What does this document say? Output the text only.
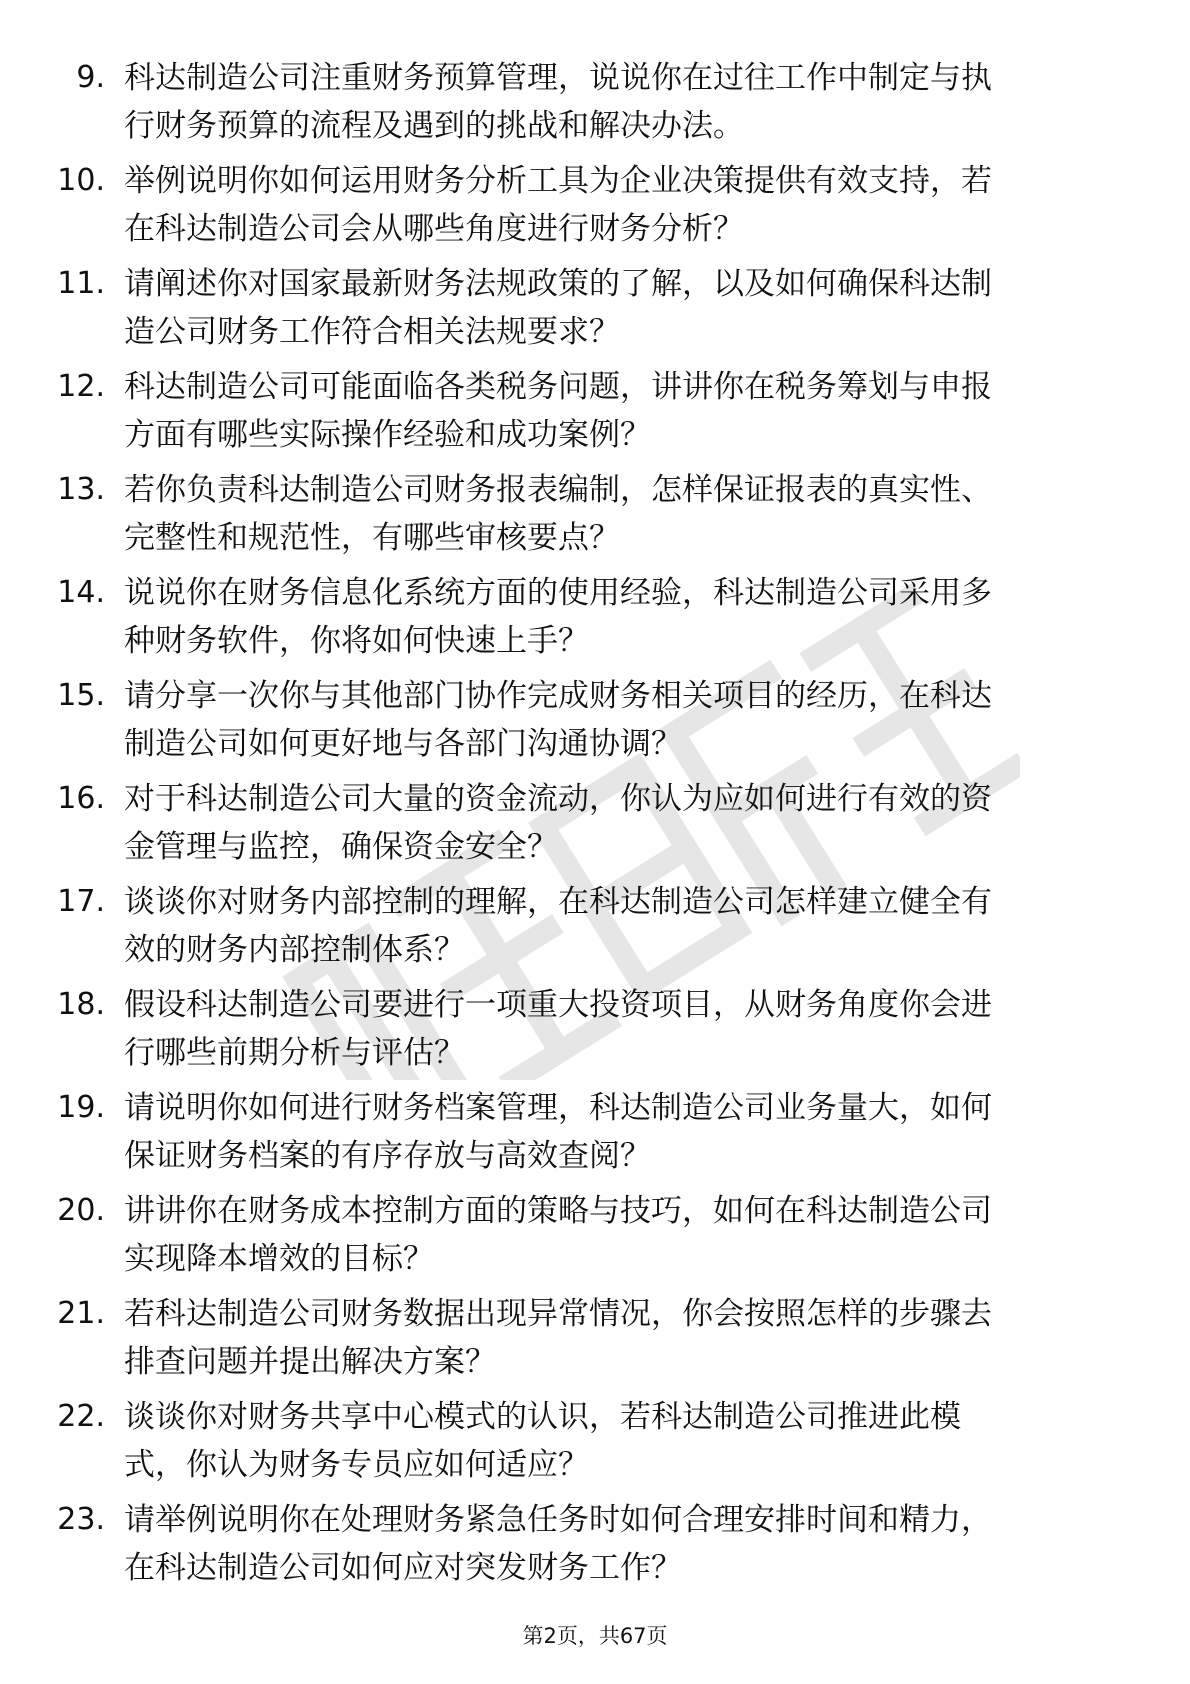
9. 科达制造公司注重财务预算管理，说说你在过往工作中制定与执
行财务预算的流程及遇到的挑战和解决办法。
10. 举例说明你如何运用财务分析工具为企业决策提供有效支持，若
在科达制造公司会从哪些角度进行财务分析？
11. 请阐述你对国家最新财务法规政策的了解，以及如何确保科达制
造公司财务工作符合相关法规要求？
12. 科达制造公司可能面临各类税务问题，讲讲你在税务筹划与申报
方面有哪些实际操作经验和成功案例？
13. 若你负责科达制造公司财务报表编制，怎样保证报表的真实性、
完整性和规范性，有哪些审核要点？
14. 说说你在财务信息化系统方面的使用经验，科达制造公司采用多
种财务软件，你将如何快速上手？
15. 请分享一次你与其他部门协作完成财务相关项目的经历，在科达
制造公司如何更好地与各部门沟通协调？
16. 对于科达制造公司大量的资金流动，你认为应如何进行有效的资
金管理与监控，确保资金安全？
17. 谈谈你对财务内部控制的理解，在科达制造公司怎样建立健全有
效的财务内部控制体系？
18. 假设科达制造公司要进行一项重大投资项目，从财务角度你会进
行哪些前期分析与评估？
19. 请说明你如何进行财务档案管理，科达制造公司业务量大，如何
保证财务档案的有序存放与高效查阅？
20. 讲讲你在财务成本控制方面的策略与技巧，如何在科达制造公司
实现降本增效的目标？
21. 若科达制造公司财务数据出现异常情况，你会按照怎样的步骤去
排查问题并提出解决方案？
22. 谈谈你对财务共享中心模式的认识，若科达制造公司推进此模
式，你认为财务专员应如何适应？
23. 请举例说明你在处理财务紧急任务时如何合理安排时间和精力，
在科达制造公司如何应对突发财务工作？
第2页，共67页
